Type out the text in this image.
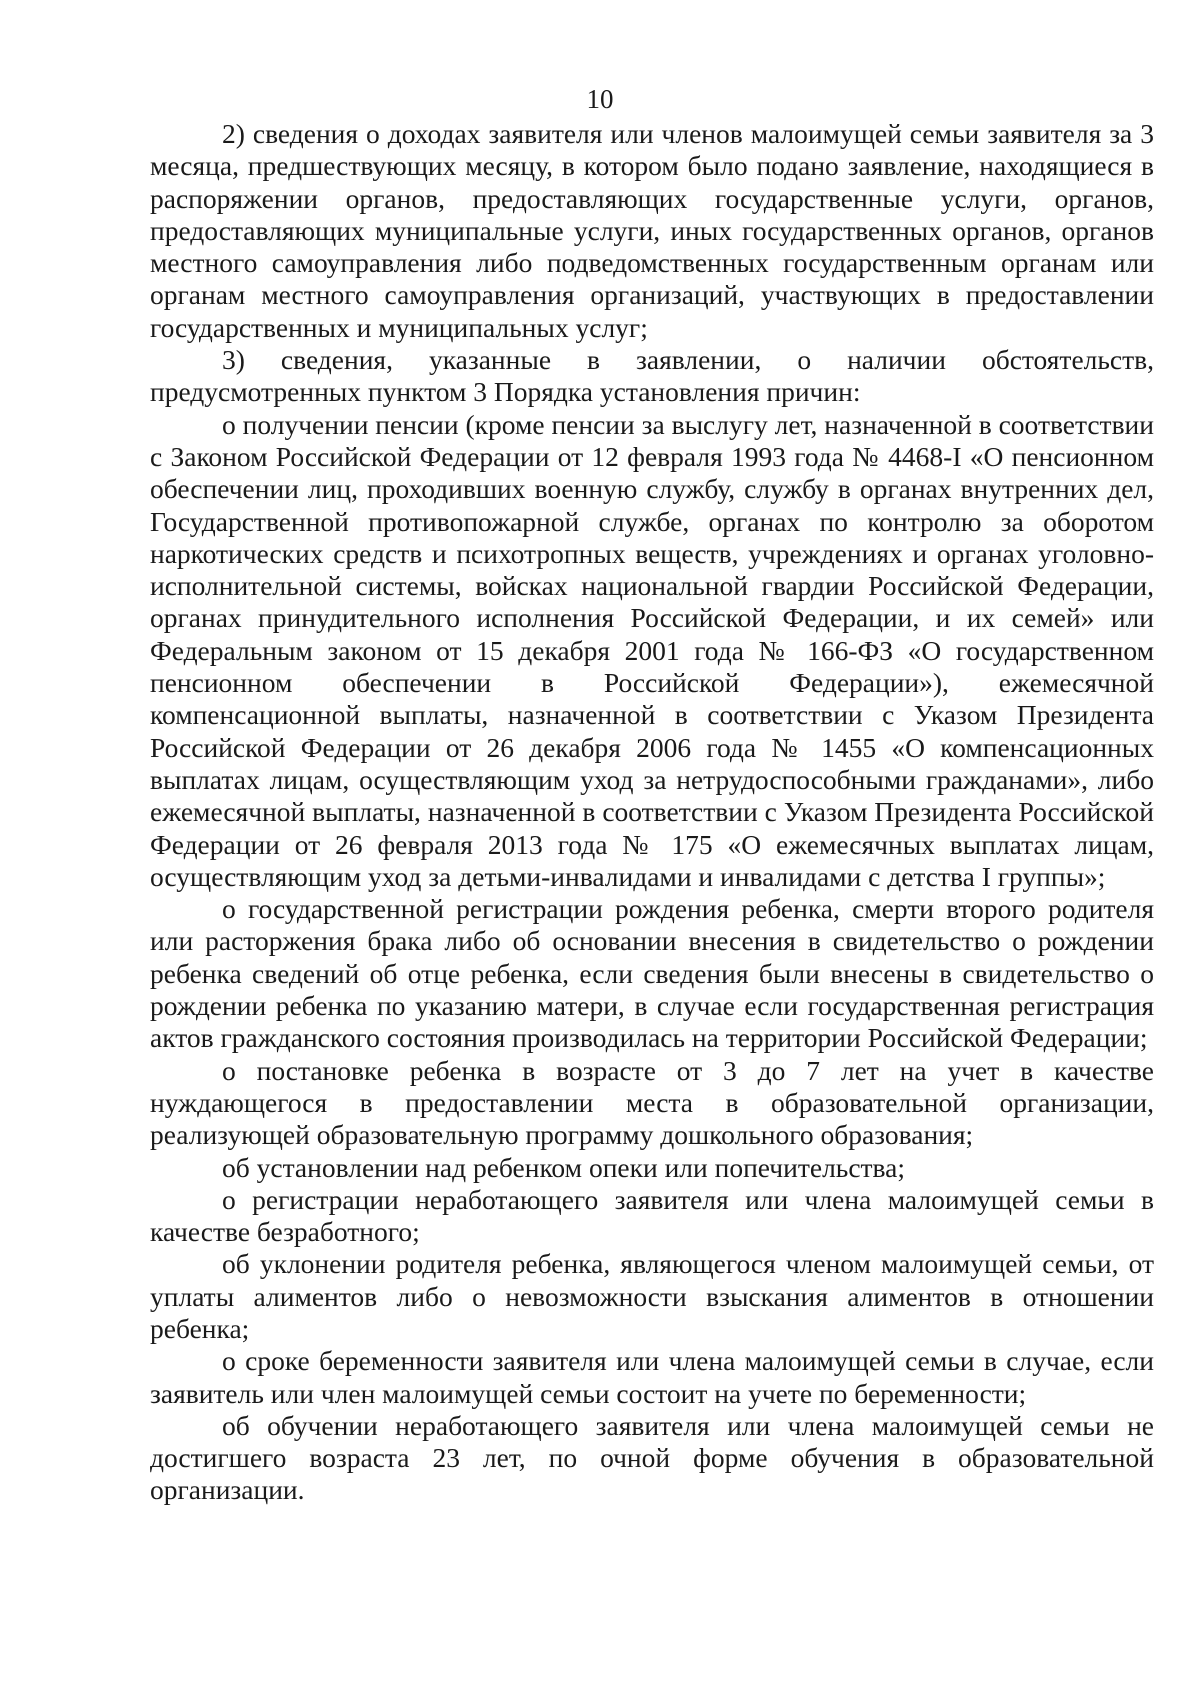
10

2) сведения о доходах заявителя или членов малоимущей семьи заявителя за 3 месяца, предшествующих месяцу, в котором было подано заявление, находящиеся в распоряжении органов, предоставляющих государственные услуги, органов, предоставляющих муниципальные услуги, иных государственных органов, органов местного самоуправления либо подведомственных государственным органам или органам местного самоуправления организаций, участвующих в предоставлении государственных и муниципальных услуг;

3) сведения, указанные в заявлении, о наличии обстоятельств, предусмотренных пунктом 3 Порядка установления причин:

о получении пенсии (кроме пенсии за выслугу лет, назначенной в соответствии с Законом Российской Федерации от 12 февраля 1993 года № 4468-I «О пенсионном обеспечении лиц, проходивших военную службу, службу в органах внутренних дел, Государственной противопожарной службе, органах по контролю за оборотом наркотических средств и психотропных веществ, учреждениях и органах уголовно-исполнительной системы, войсках национальной гвардии Российской Федерации, органах принудительного исполнения Российской Федерации, и их семей» или Федеральным законом от 15 декабря 2001 года № 166-ФЗ «О государственном пенсионном обеспечении в Российской Федерации»), ежемесячной компенсационной выплаты, назначенной в соответствии с Указом Президента Российской Федерации от 26 декабря 2006 года № 1455 «О компенсационных выплатах лицам, осуществляющим уход за нетрудоспособными гражданами», либо ежемесячной выплаты, назначенной в соответствии с Указом Президента Российской Федерации от 26 февраля 2013 года № 175 «О ежемесячных выплатах лицам, осуществляющим уход за детьми-инвалидами и инвалидами с детства I группы»;

о государственной регистрации рождения ребенка, смерти второго родителя или расторжения брака либо об основании внесения в свидетельство о рождении ребенка сведений об отце ребенка, если сведения были внесены в свидетельство о рождении ребенка по указанию матери, в случае если государственная регистрация актов гражданского состояния производилась на территории Российской Федерации;

о постановке ребенка в возрасте от 3 до 7 лет на учет в качестве нуждающегося в предоставлении места в образовательной организации, реализующей образовательную программу дошкольного образования;

об установлении над ребенком опеки или попечительства;

о регистрации неработающего заявителя или члена малоимущей семьи в качестве безработного;

об уклонении родителя ребенка, являющегося членом малоимущей семьи, от уплаты алиментов либо о невозможности взыскания алиментов в отношении ребенка;

о сроке беременности заявителя или члена малоимущей семьи в случае, если заявитель или член малоимущей семьи состоит на учете по беременности;

об обучении неработающего заявителя или члена малоимущей семьи не достигшего возраста 23 лет, по очной форме обучения в образовательной организации.
